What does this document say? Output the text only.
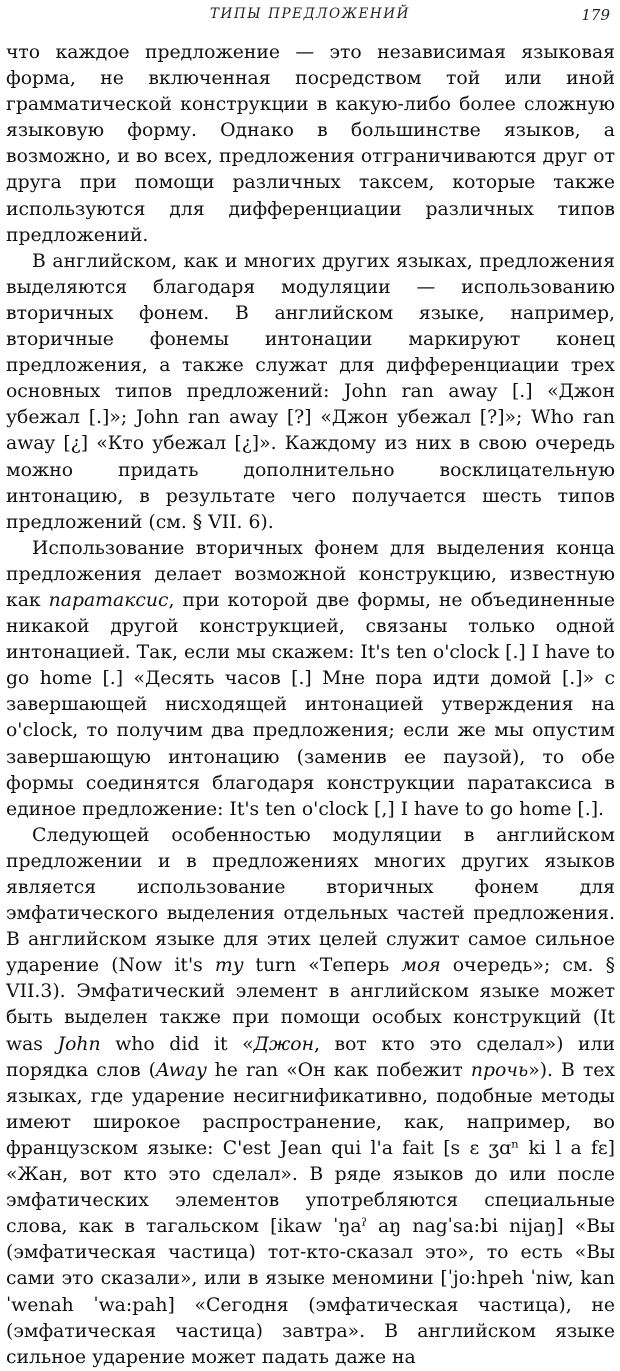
ТИПЫ ПРЕДЛОЖЕНИЙ	179

что каждое предложение — это независимая языковая форма, не включенная посредством той или иной грамматической конструкции в какую-либо более сложную языковую форму. Однако в большинстве языков, а возможно, и во всех, предложения отграничиваются друг от друга при помощи различных таксем, которые также используются для дифференциации различных типов предложений.

В английском, как и многих других языках, предложения выделяются благодаря модуляции — использованию вторичных фонем. В английском языке, например, вторичные фонемы интонации маркируют конец предложения, а также служат для дифференциации трех основных типов предложений: John ran away [.] «Джон убежал [.]»; John ran away [?] «Джон убежал [?]»; Who ran away [¿] «Кто убежал [¿]». Каждому из них в свою очередь можно придать дополнительно восклицательную интонацию, в результате чего получается шесть типов предложений (см. § VII. 6).

Использование вторичных фонем для выделения конца предложения делает возможной конструкцию, известную как паратаксис, при которой две формы, не объединенные никакой другой конструкцией, связаны только одной интонацией. Так, если мы скажем: It's ten o'clock [.] I have to go home [.] «Десять часов [.] Мне пора идти домой [.]» с завершающей нисходящей интонацией утверждения на o'clock, то получим два предложения; если же мы опустим завершающую интонацию (заменив ее паузой), то обе формы соединятся благодаря конструкции паратаксиса в единое предложение: It's ten o'clock [,] I have to go home [.].

Следующей особенностью модуляции в английском предложении и в предложениях многих других языков является использование вторичных фонем для эмфатического выделения отдельных частей предложения. В английском языке для этих целей служит самое сильное ударение (Now it's my turn «Теперь моя очередь»; см. § VII.3). Эмфатический элемент в английском языке может быть выделен также при помощи особых конструкций (It was John who did it «Джон, вот кто это сделал») или порядка слов (Away he ran «Он как побежит прочь»). В тех языках, где ударение несигнификативно, подобные методы имеют широкое распространение, как, например, во французском языке: C'est Jean qui l'a fait [s ɛ ʒɑⁿ ki l a fɛ] «Жан, вот кто это сделал». В ряде языков до или после эмфатических элементов употребляются специальные слова, как в тагальском [ikaw ˈŋaˀ aŋ nagˈsa:bi nijaŋ] «Вы (эмфатическая частица) тот-кто-сказал это», то есть «Вы сами это сказали», или в языке меномини [ˈjo:hpeh ˈniw, kan ˈwenah ˈwa:pah] «Сегодня (эмфатическая частица), не (эмфатическая частица) завтра». В английском языке сильное ударение может падать даже на
